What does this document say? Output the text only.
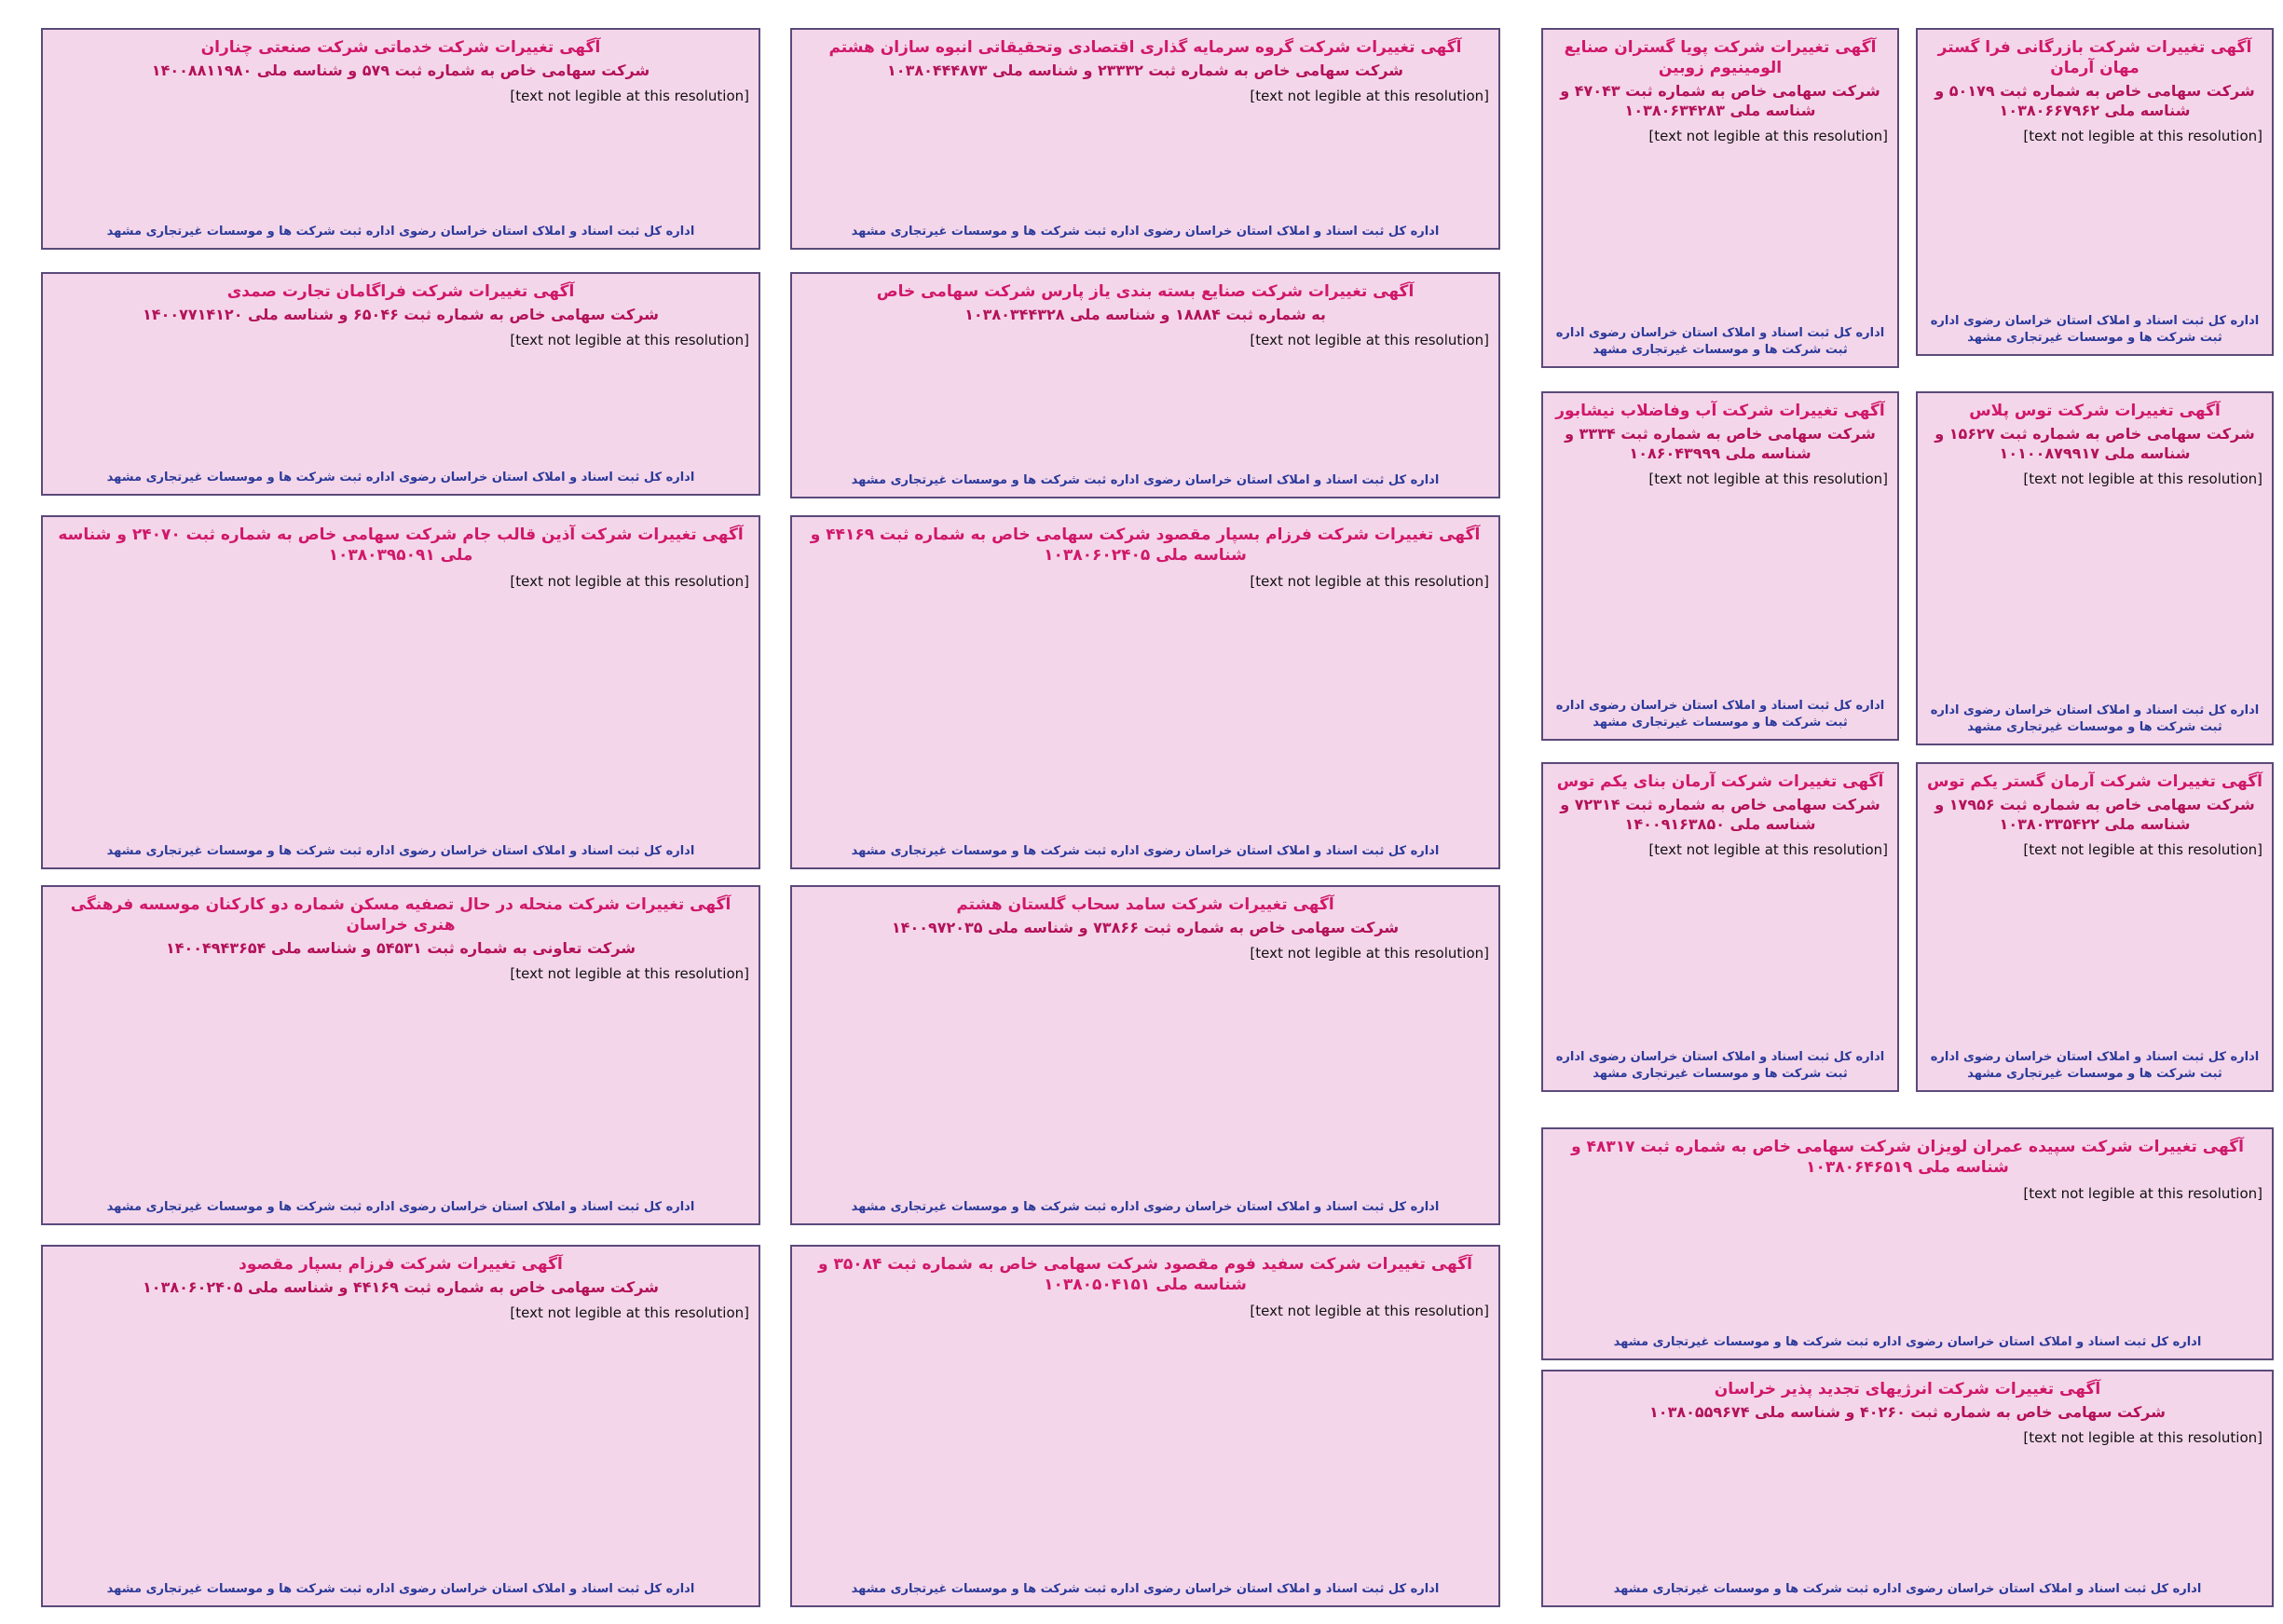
آگهی تغییرات شرکت بازرگانی فرا گستر مهان آرمان
شرکت سهامی خاص به شماره ثبت ۵۰۱۷۹ و شناسه ملی ۱۰۳۸۰۶۶۷۹۶۲
[text not legible at this resolution]
اداره کل ثبت اسناد و املاک استان خراسان رضوی اداره ثبت شرکت ها و موسسات غیرتجاری مشهد
آگهی تغییرات شرکت توس پلاس
شرکت سهامی خاص به شماره ثبت ۱۵۶۲۷ و شناسه ملی ۱۰۱۰۰۸۷۹۹۱۷
[text not legible at this resolution]
اداره کل ثبت اسناد و املاک استان خراسان رضوی اداره ثبت شرکت ها و موسسات غیرتجاری مشهد
آگهی تغییرات شرکت آرمان گستر یکم توس
شرکت سهامی خاص به شماره ثبت ۱۷۹۵۶ و شناسه ملی ۱۰۳۸۰۳۳۵۴۲۲
[text not legible at this resolution]
اداره کل ثبت اسناد و املاک استان خراسان رضوی اداره ثبت شرکت ها و موسسات غیرتجاری مشهد
آگهی تغییرات شرکت پویا گستران صنایع الومینیوم زوبین
شرکت سهامی خاص به شماره ثبت ۴۷۰۴۳ و شناسه ملی ۱۰۳۸۰۶۳۴۲۸۳
[text not legible at this resolution]
اداره کل ثبت اسناد و املاک استان خراسان رضوی اداره ثبت شرکت ها و موسسات غیرتجاری مشهد
آگهی تغییرات شرکت آب وفاضلاب نیشابور
شرکت سهامی خاص به شماره ثبت ۳۳۳۴ و شناسه ملی ۱۰۸۶۰۴۳۹۹۹
[text not legible at this resolution]
اداره کل ثبت اسناد و املاک استان خراسان رضوی اداره ثبت شرکت ها و موسسات غیرتجاری مشهد
آگهی تغییرات شرکت آرمان بنای یکم توس
شرکت سهامی خاص به شماره ثبت ۷۲۳۱۴ و شناسه ملی ۱۴۰۰۹۱۶۳۸۵۰
[text not legible at this resolution]
اداره کل ثبت اسناد و املاک استان خراسان رضوی اداره ثبت شرکت ها و موسسات غیرتجاری مشهد
آگهی تغییرات شرکت سپیده عمران لویزان شرکت سهامی خاص به شماره ثبت ۴۸۳۱۷ و شناسه ملی ۱۰۳۸۰۶۴۶۵۱۹
[text not legible at this resolution]
اداره کل ثبت اسناد و املاک استان خراسان رضوی اداره ثبت شرکت ها و موسسات غیرتجاری مشهد
آگهی تغییرات شرکت انرژیهای تجدید پذیر خراسان
شرکت سهامی خاص به شماره ثبت ۴۰۲۶۰ و شناسه ملی ۱۰۳۸۰۵۵۹۶۷۴
[text not legible at this resolution]
اداره کل ثبت اسناد و املاک استان خراسان رضوی اداره ثبت شرکت ها و موسسات غیرتجاری مشهد
آگهی تغییرات شرکت گروه سرمایه گذاری اقتصادی وتحقیقاتی انبوه سازان هشتم
شرکت سهامی خاص به شماره ثبت ۲۳۳۳۲ و شناسه ملی ۱۰۳۸۰۴۴۴۸۷۳
[text not legible at this resolution]
اداره کل ثبت اسناد و املاک استان خراسان رضوی اداره ثبت شرکت ها و موسسات غیرتجاری مشهد
آگهی تغییرات شرکت صنایع بسته بندی یاز پارس شرکت سهامی خاص
به شماره ثبت ۱۸۸۸۴ و شناسه ملی ۱۰۳۸۰۳۴۴۳۲۸
[text not legible at this resolution]
اداره کل ثبت اسناد و املاک استان خراسان رضوی اداره ثبت شرکت ها و موسسات غیرتجاری مشهد
آگهی تغییرات شرکت فرزام بسپار مقصود شرکت سهامی خاص به شماره ثبت ۴۴۱۶۹ و شناسه ملی ۱۰۳۸۰۶۰۲۴۰۵
[text not legible at this resolution]
اداره کل ثبت اسناد و املاک استان خراسان رضوی اداره ثبت شرکت ها و موسسات غیرتجاری مشهد
آگهی تغییرات شرکت سامد سحاب گلستان هشتم
شرکت سهامی خاص به شماره ثبت ۷۳۸۶۶ و شناسه ملی ۱۴۰۰۹۷۲۰۳۵
[text not legible at this resolution]
اداره کل ثبت اسناد و املاک استان خراسان رضوی اداره ثبت شرکت ها و موسسات غیرتجاری مشهد
آگهی تغییرات شرکت سفید فوم مقصود شرکت سهامی خاص به شماره ثبت ۳۵۰۸۴ و شناسه ملی ۱۰۳۸۰۵۰۴۱۵۱
[text not legible at this resolution]
اداره کل ثبت اسناد و املاک استان خراسان رضوی اداره ثبت شرکت ها و موسسات غیرتجاری مشهد
آگهی تغییرات شرکت خدماتی شرکت صنعتی چناران
شرکت سهامی خاص به شماره ثبت ۵۷۹ و شناسه ملی ۱۴۰۰۸۸۱۱۹۸۰
[text not legible at this resolution]
اداره کل ثبت اسناد و املاک استان خراسان رضوی اداره ثبت شرکت ها و موسسات غیرتجاری مشهد
آگهی تغییرات شرکت فراگامان تجارت صمدی
شرکت سهامی خاص به شماره ثبت ۶۵۰۴۶ و شناسه ملی ۱۴۰۰۷۷۱۴۱۲۰
[text not legible at this resolution]
اداره کل ثبت اسناد و املاک استان خراسان رضوی اداره ثبت شرکت ها و موسسات غیرتجاری مشهد
آگهی تغییرات شرکت آذین قالب جام شرکت سهامی خاص به شماره ثبت ۲۴۰۷۰ و شناسه ملی ۱۰۳۸۰۳۹۵۰۹۱
[text not legible at this resolution]
اداره کل ثبت اسناد و املاک استان خراسان رضوی اداره ثبت شرکت ها و موسسات غیرتجاری مشهد
آگهی تغییرات شرکت منحله در حال تصفیه مسکن شماره دو کارکنان موسسه فرهنگی هنری خراسان
شرکت تعاونی به شماره ثبت ۵۴۵۳۱ و شناسه ملی ۱۴۰۰۴۹۴۳۶۵۴
[text not legible at this resolution]
اداره کل ثبت اسناد و املاک استان خراسان رضوی اداره ثبت شرکت ها و موسسات غیرتجاری مشهد
آگهی تغییرات شرکت فرزام بسپار مقصود
شرکت سهامی خاص به شماره ثبت ۴۴۱۶۹ و شناسه ملی ۱۰۳۸۰۶۰۲۴۰۵
[text not legible at this resolution]
اداره کل ثبت اسناد و املاک استان خراسان رضوی اداره ثبت شرکت ها و موسسات غیرتجاری مشهد
